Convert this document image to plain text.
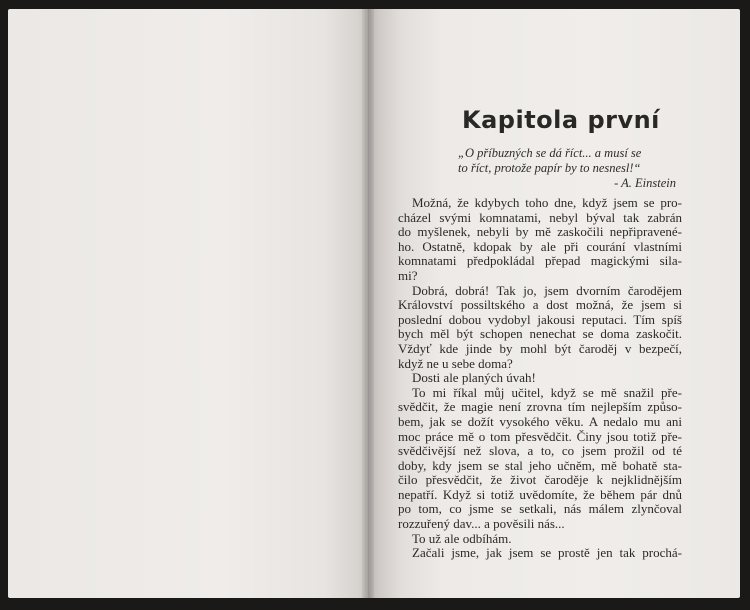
Kapitola první
„O příbuzných se dá říct... a musí se
to říct, protože papír by to nesnesl!“
- A. Einstein
Možná, že kdybych toho dne, když jsem se pro-
cházel svými komnatami, nebyl býval tak zabrán
do myšlenek, nebyli by mě zaskočili nepřipravené-
ho. Ostatně, kdopak by ale při courání vlastními
komnatami předpokládal přepad magickými sila-
mi?
Dobrá, dobrá! Tak jo, jsem dvorním čarodějem
Království possiltského a dost možná, že jsem si
poslední dobou vydobyl jakousi reputaci. Tím spíš
bych měl být schopen nenechat se doma zaskočit.
Vždyť kde jinde by mohl být čaroděj v bezpečí,
když ne u sebe doma?
Dosti ale planých úvah!
To mi říkal můj učitel, když se mě snažil pře-
svědčit, že magie není zrovna tím nejlepším způso-
bem, jak se dožít vysokého věku. A nedalo mu ani
moc práce mě o tom přesvědčit. Činy jsou totiž pře-
svědčivější než slova, a to, co jsem prožil od té
doby, kdy jsem se stal jeho učněm, mě bohatě sta-
čilo přesvědčit, že život čaroděje k nejklidnějším
nepatří. Když si totiž uvědomíte, že během pár dnů
po tom, co jsme se setkali, nás málem zlynčoval
rozzuřený dav... a pověsili nás...
To už ale odbíhám.
Začali jsme, jak jsem se prostě jen tak prochá-
